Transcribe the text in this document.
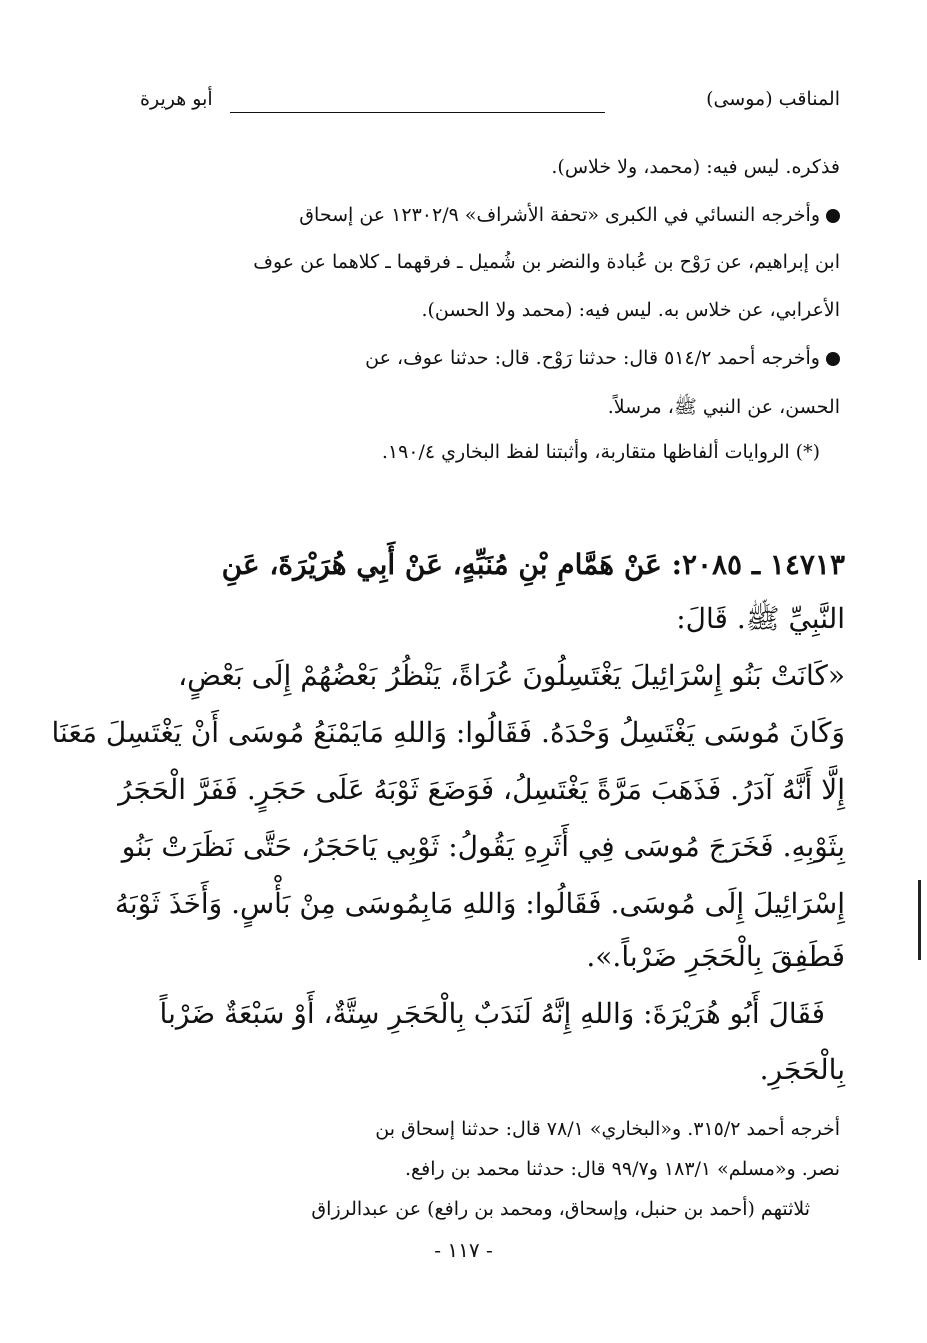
المناقب (موسى)
أبو هريرة
فذكره. ليس فيه: (محمد، ولا خلاس).
وأخرجه النسائي في الكبرى «تحفة الأشراف» ١٢٣٠٢/٩ عن إسحاق
ابن إبراهيم، عن رَوْح بن عُبادة والنضر بن شُميل ـ فرقهما ـ كلاهما عن عوف
الأعرابي، عن خلاس به. ليس فيه: (محمد ولا الحسن).
وأخرجه أحمد ٥١٤/٢ قال: حدثنا رَوْح. قال: حدثنا عوف، عن
الحسن، عن النبي ﷺ، مرسلاً.
(*) الروايات ألفاظها متقاربة، وأثبتنا لفظ البخاري ١٩٠/٤.
١٤٧١٣ ـ ٢٠٨٥: عَنْ هَمَّامِ بْنِ مُنَبِّهٍ، عَنْ أَبِي هُرَيْرَةَ، عَنِ
النَّبِيِّ ﷺ. قَالَ:
«كَانَتْ بَنُو إِسْرَائِيلَ يَغْتَسِلُونَ عُرَاةً، يَنْظُرُ بَعْضُهُمْ إِلَى بَعْضٍ،
وَكَانَ مُوسَى يَغْتَسِلُ وَحْدَهُ. فَقَالُوا: وَاللهِ مَايَمْنَعُ مُوسَى أَنْ يَغْتَسِلَ مَعَنَا
إِلَّا أَنَّهُ آدَرُ. فَذَهَبَ مَرَّةً يَغْتَسِلُ، فَوَضَعَ ثَوْبَهُ عَلَى حَجَرٍ. فَفَرَّ الْحَجَرُ
بِثَوْبِهِ. فَخَرَجَ مُوسَى فِي أَثَرِهِ يَقُولُ: ثَوْبِي يَاحَجَرُ، حَتَّى نَظَرَتْ بَنُو
إِسْرَائِيلَ إِلَى مُوسَى. فَقَالُوا: وَاللهِ مَابِمُوسَى مِنْ بَأْسٍ. وَأَخَذَ ثَوْبَهُ
فَطَفِقَ بِالْحَجَرِ ضَرْباً.».
فَقَالَ أَبُو هُرَيْرَةَ: وَاللهِ إِنَّهُ لَنَدَبٌ بِالْحَجَرِ سِتَّةٌ، أَوْ سَبْعَةٌ ضَرْباً
بِالْحَجَرِ.
أخرجه أحمد ٣١٥/٢. و«البخاري» ٧٨/١ قال: حدثنا إسحاق بن
نصر. و«مسلم» ١٨٣/١ و٩٩/٧ قال: حدثنا محمد بن رافع.
ثلاثتهم (أحمد بن حنبل، وإسحاق، ومحمد بن رافع) عن عبدالرزاق
- ١١٧ -
